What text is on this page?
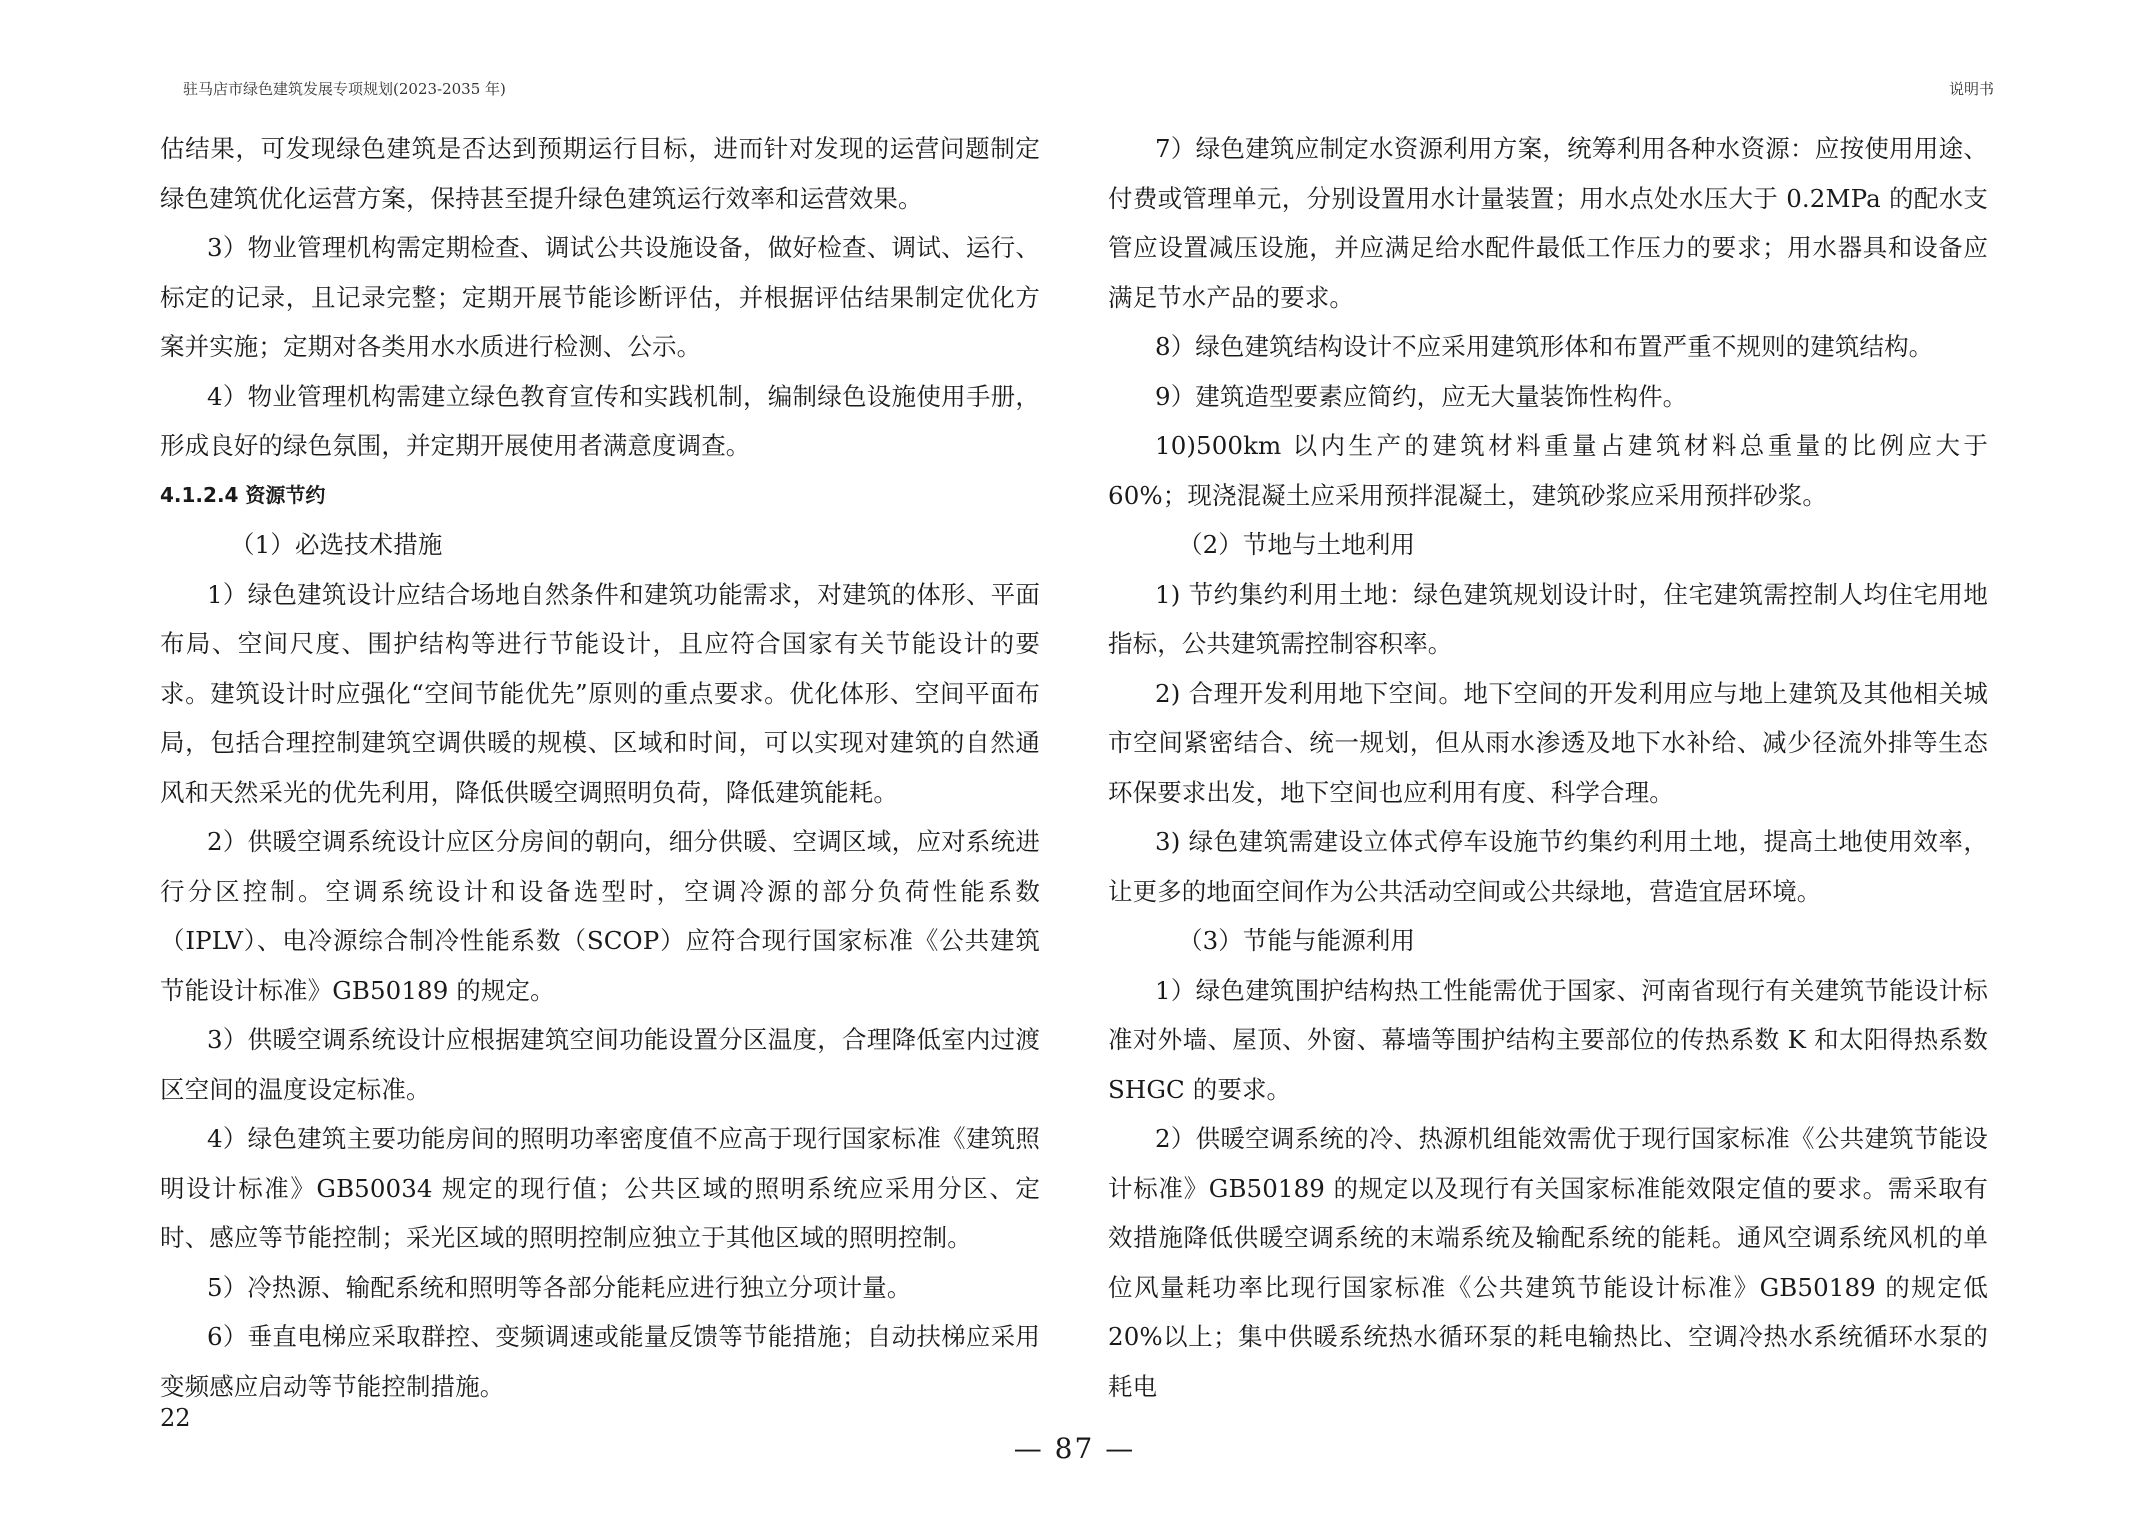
驻马店市绿色建筑发展专项规划(2023-2035 年)	说明书

估结果，可发现绿色建筑是否达到预期运行目标，进而针对发现的运营问题制定绿色建筑优化运营方案，保持甚至提升绿色建筑运行效率和运营效果。

3）物业管理机构需定期检查、调试公共设施设备，做好检查、调试、运行、标定的记录，且记录完整；定期开展节能诊断评估，并根据评估结果制定优化方案并实施；定期对各类用水水质进行检测、公示。

4）物业管理机构需建立绿色教育宣传和实践机制，编制绿色设施使用手册，形成良好的绿色氛围，并定期开展使用者满意度调查。

4.1.2.4 资源节约

（1）必选技术措施

1）绿色建筑设计应结合场地自然条件和建筑功能需求，对建筑的体形、平面布局、空间尺度、围护结构等进行节能设计，且应符合国家有关节能设计的要求。建筑设计时应强化“空间节能优先”原则的重点要求。优化体形、空间平面布局，包括合理控制建筑空调供暖的规模、区域和时间，可以实现对建筑的自然通风和天然采光的优先利用，降低供暖空调照明负荷，降低建筑能耗。

2）供暖空调系统设计应区分房间的朝向，细分供暖、空调区域，应对系统进行分区控制。空调系统设计和设备选型时，空调冷源的部分负荷性能系数（IPLV）、电冷源综合制冷性能系数（SCOP）应符合现行国家标准《公共建筑节能设计标准》GB50189 的规定。

3）供暖空调系统设计应根据建筑空间功能设置分区温度，合理降低室内过渡区空间的温度设定标准。

4）绿色建筑主要功能房间的照明功率密度值不应高于现行国家标准《建筑照明设计标准》GB50034 规定的现行值；公共区域的照明系统应采用分区、定时、感应等节能控制；采光区域的照明控制应独立于其他区域的照明控制。

5）冷热源、输配系统和照明等各部分能耗应进行独立分项计量。

6）垂直电梯应采取群控、变频调速或能量反馈等节能措施；自动扶梯应采用变频感应启动等节能控制措施。

7）绿色建筑应制定水资源利用方案，统筹利用各种水资源：应按使用用途、付费或管理单元，分别设置用水计量装置；用水点处水压大于 0.2MPa 的配水支管应设置减压设施，并应满足给水配件最低工作压力的要求；用水器具和设备应满足节水产品的要求。

8）绿色建筑结构设计不应采用建筑形体和布置严重不规则的建筑结构。

9）建筑造型要素应简约，应无大量装饰性构件。

10)500km 以内生产的建筑材料重量占建筑材料总重量的比例应大于 60%；现浇混凝土应采用预拌混凝土，建筑砂浆应采用预拌砂浆。

（2）节地与土地利用

1) 节约集约利用土地：绿色建筑规划设计时，住宅建筑需控制人均住宅用地指标，公共建筑需控制容积率。

2) 合理开发利用地下空间。地下空间的开发利用应与地上建筑及其他相关城市空间紧密结合、统一规划，但从雨水渗透及地下水补给、减少径流外排等生态环保要求出发，地下空间也应利用有度、科学合理。

3) 绿色建筑需建设立体式停车设施节约集约利用土地，提高土地使用效率，让更多的地面空间作为公共活动空间或公共绿地，营造宜居环境。

（3）节能与能源利用

1）绿色建筑围护结构热工性能需优于国家、河南省现行有关建筑节能设计标准对外墙、屋顶、外窗、幕墙等围护结构主要部位的传热系数 K 和太阳得热系数 SHGC 的要求。

2）供暖空调系统的冷、热源机组能效需优于现行国家标准《公共建筑节能设计标准》GB50189 的规定以及现行有关国家标准能效限定值的要求。需采取有效措施降低供暖空调系统的末端系统及输配系统的能耗。通风空调系统风机的单位风量耗功率比现行国家标准《公共建筑节能设计标准》GB50189 的规定低 20%以上；集中供暖系统热水循环泵的耗电输热比、空调冷热水系统循环水泵的耗电

22
— 87 —
